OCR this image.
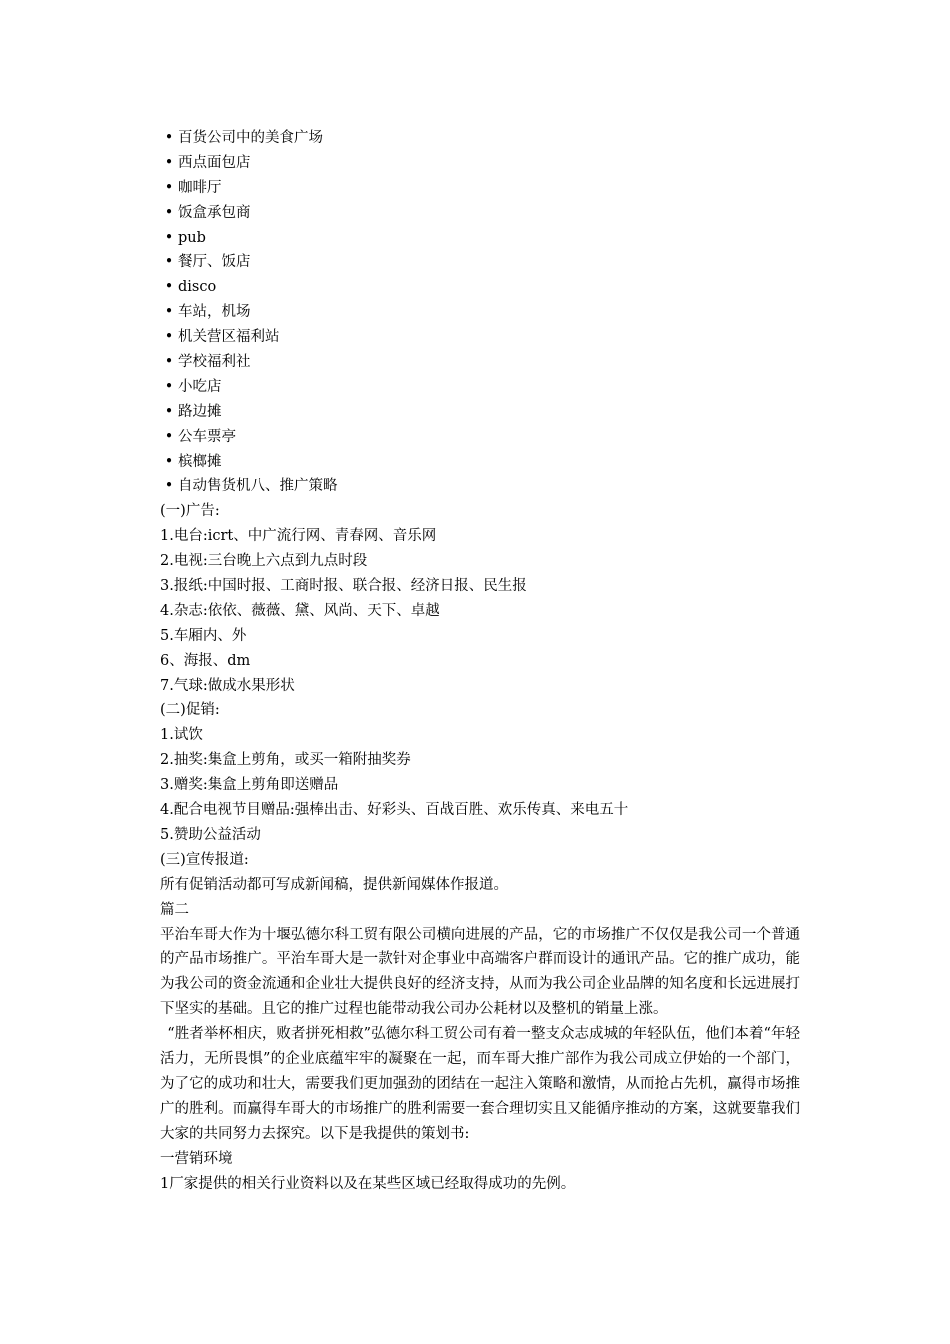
• 百货公司中的美食广场
• 西点面包店
• 咖啡厅
• 饭盒承包商
• pub
• 餐厅、饭店
• disco
• 车站，机场
• 机关营区福利站
• 学校福利社
• 小吃店
• 路边摊
• 公车票亭
• 槟榔摊
• 自动售货机八、推广策略
(一)广告:
1.电台:icrt、中广流行网、青春网、音乐网
2.电视:三台晚上六点到九点时段
3.报纸:中国时报、工商时报、联合报、经济日报、民生报
4.杂志:依依、薇薇、黛、风尚、天下、卓越
5.车厢内、外
6、海报、dm
7.气球:做成水果形状
(二)促销:
1.试饮
2.抽奖:集盒上剪角，或买一箱附抽奖券
3.赠奖:集盒上剪角即送赠品
4.配合电视节目赠品:强棒出击、好彩头、百战百胜、欢乐传真、来电五十
5.赞助公益活动
(三)宣传报道:
所有促销活动都可写成新闻稿，提供新闻媒体作报道。
篇二

平治车哥大作为十堰弘德尔科工贸有限公司横向进展的产品，它的市场推广不仅仅是我公司一个普通的产品市场推广。平治车哥大是一款针对企事业中高端客户群而设计的通讯产品。它的推广成功，能为我公司的资金流通和企业壮大提供良好的经济支持，从而为我公司企业品牌的知名度和长远进展打下坚实的基础。且它的推广过程也能带动我公司办公耗材以及整机的销量上涨。

“胜者举杯相庆，败者拼死相救”弘德尔科工贸公司有着一整支众志成城的年轻队伍，他们本着“年轻活力，无所畏惧”的企业底蕴牢牢的凝聚在一起，而车哥大推广部作为我公司成立伊始的一个部门，为了它的成功和壮大，需要我们更加强劲的团结在一起注入策略和激情，从而抢占先机，赢得市场推广的胜利。而赢得车哥大的市场推广的胜利需要一套合理切实且又能循序推动的方案，这就要靠我们大家的共同努力去探究。以下是我提供的策划书:

一营销环境
1厂家提供的相关行业资料以及在某些区域已经取得成功的先例。
